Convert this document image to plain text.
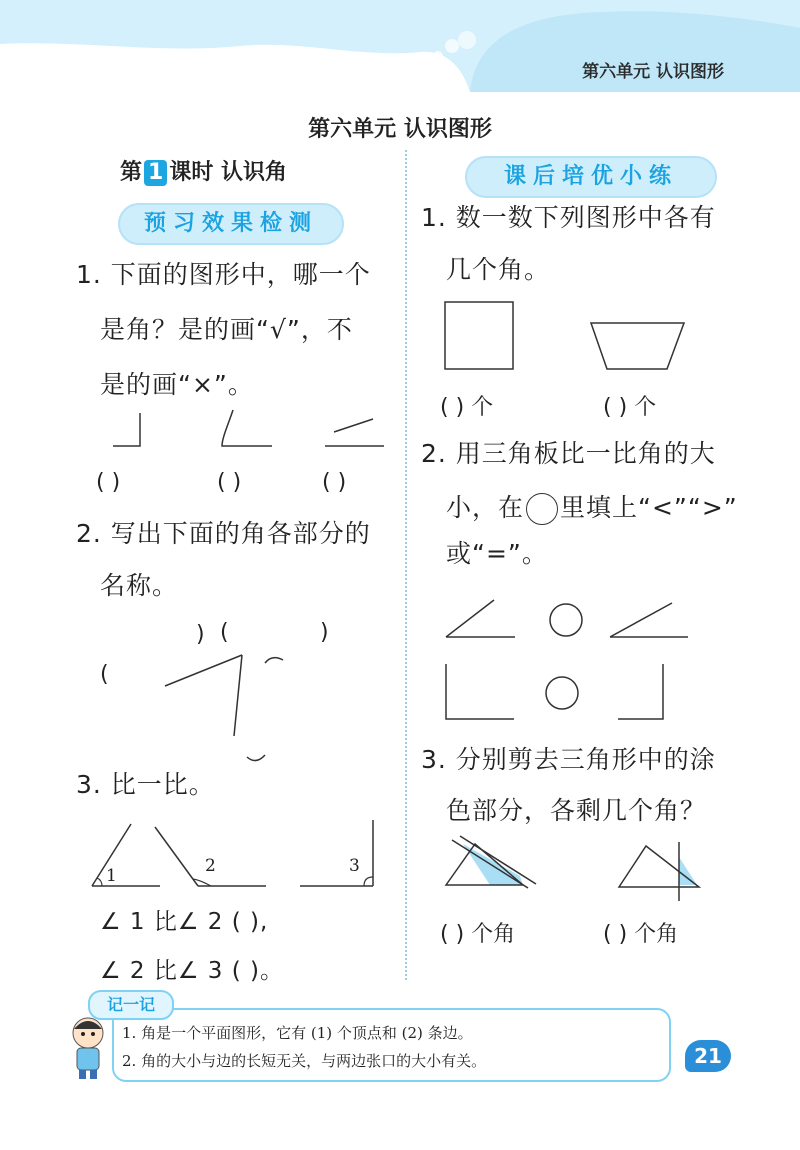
第六单元 认识图形
第六单元 认识图形
第 1 课时 认识角
预习效果检测
1. 下面的图形中，哪一个
是角？是的画“√”，不
是的画“×”。
( )	( )	( )
2. 写出下面的角各部分的
名称。
) (	)
(
3. 比一比。
1	2	3
∠ 1 比∠ 2 ( ),
∠ 2 比∠ 3 ( )。
课后培优小练
1. 数一数下列图形中各有
几个角。
( ) 个	( ) 个
2. 用三角板比一比角的大
小，在 里填上“<”“>”
或“=”。
3. 分别剪去三角形中的涂
色部分，各剩几个角？
( ) 个角	( ) 个角
记一记
1. 角是一个平面图形，它有 (1) 个顶点和 (2) 条边。
2. 角的大小与边的长短无关，与两边张口的大小有关。	21
